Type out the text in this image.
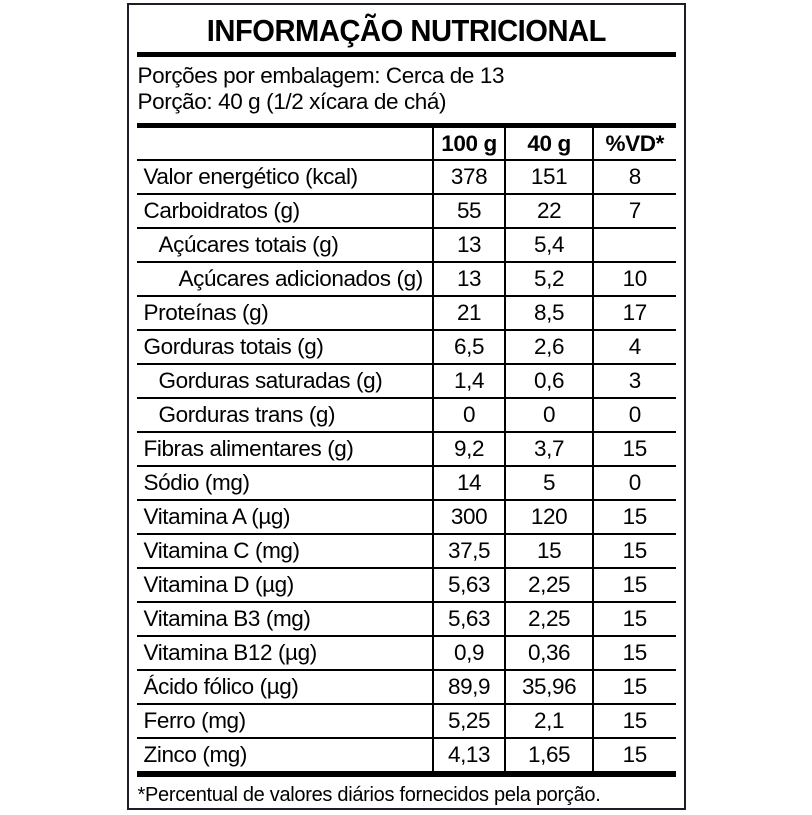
INFORMAÇÃO NUTRICIONAL
Porções por embalagem: Cerca de 13
Porção: 40 g (1/2 xícara de chá)
	100 g	40 g	%VD*
Valor energético (kcal)	378	151	8
Carboidratos (g)	55	22	7
Açúcares totais (g)	13	5,4	
Açúcares adicionados (g)	13	5,2	10
Proteínas (g)	21	8,5	17
Gorduras totais (g)	6,5	2,6	4
Gorduras saturadas (g)	1,4	0,6	3
Gorduras trans (g)	0	0	0
Fibras alimentares (g)	9,2	3,7	15
Sódio (mg)	14	5	0
Vitamina A (µg)	300	120	15
Vitamina C (mg)	37,5	15	15
Vitamina D (µg)	5,63	2,25	15
Vitamina B3 (mg)	5,63	2,25	15
Vitamina B12 (µg)	0,9	0,36	15
Ácido fólico (µg)	89,9	35,96	15
Ferro (mg)	5,25	2,1	15
Zinco (mg)	4,13	1,65	15
*Percentual de valores diários fornecidos pela porção.
